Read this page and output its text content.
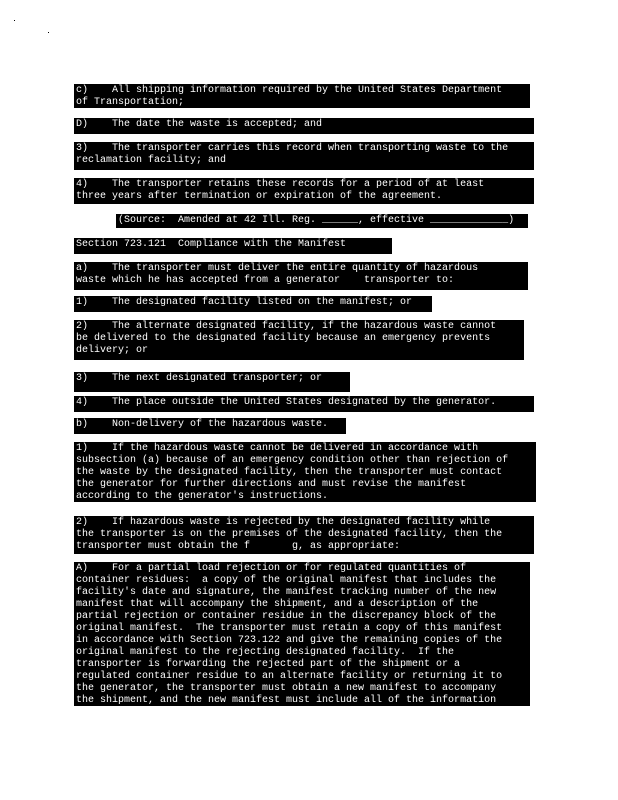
c)    All shipping information required by the United States Department
of Transportation;
D)    The date the waste is accepted; and
3)    The transporter carries this record when transporting waste to the
reclamation facility; and
4)    The transporter retains these records for a period of at least
three years after termination or expiration of the agreement.
(Source:  Amended at 42 Ill. Reg. ______, effective _____________)
Section 723.121  Compliance with the Manifest
a)    The transporter must deliver the entire quantity of hazardous
waste which he has accepted from a generator    transporter to:
1)    The designated facility listed on the manifest; or
2)    The alternate designated facility, if the hazardous waste cannot
be delivered to the designated facility because an emergency prevents
delivery; or
3)    The next designated transporter; or
4)    The place outside the United States designated by the generator.
b)    Non-delivery of the hazardous waste.
1)    If the hazardous waste cannot be delivered in accordance with
subsection (a) because of an emergency condition other than rejection of
the waste by the designated facility, then the transporter must contact
the generator for further directions and must revise the manifest
according to the generator's instructions.
2)    If hazardous waste is rejected by the designated facility while
the transporter is on the premises of the designated facility, then the
transporter must obtain the f       g, as appropriate:
A)    For a partial load rejection or for regulated quantities of
container residues:  a copy of the original manifest that includes the
facility's date and signature, the manifest tracking number of the new
manifest that will accompany the shipment, and a description of the
partial rejection or container residue in the discrepancy block of the
original manifest.  The transporter must retain a copy of this manifest
in accordance with Section 723.122 and give the remaining copies of the
original manifest to the rejecting designated facility.  If the
transporter is forwarding the rejected part of the shipment or a
regulated container residue to an alternate facility or returning it to
the generator, the transporter must obtain a new manifest to accompany
the shipment, and the new manifest must include all of the information
